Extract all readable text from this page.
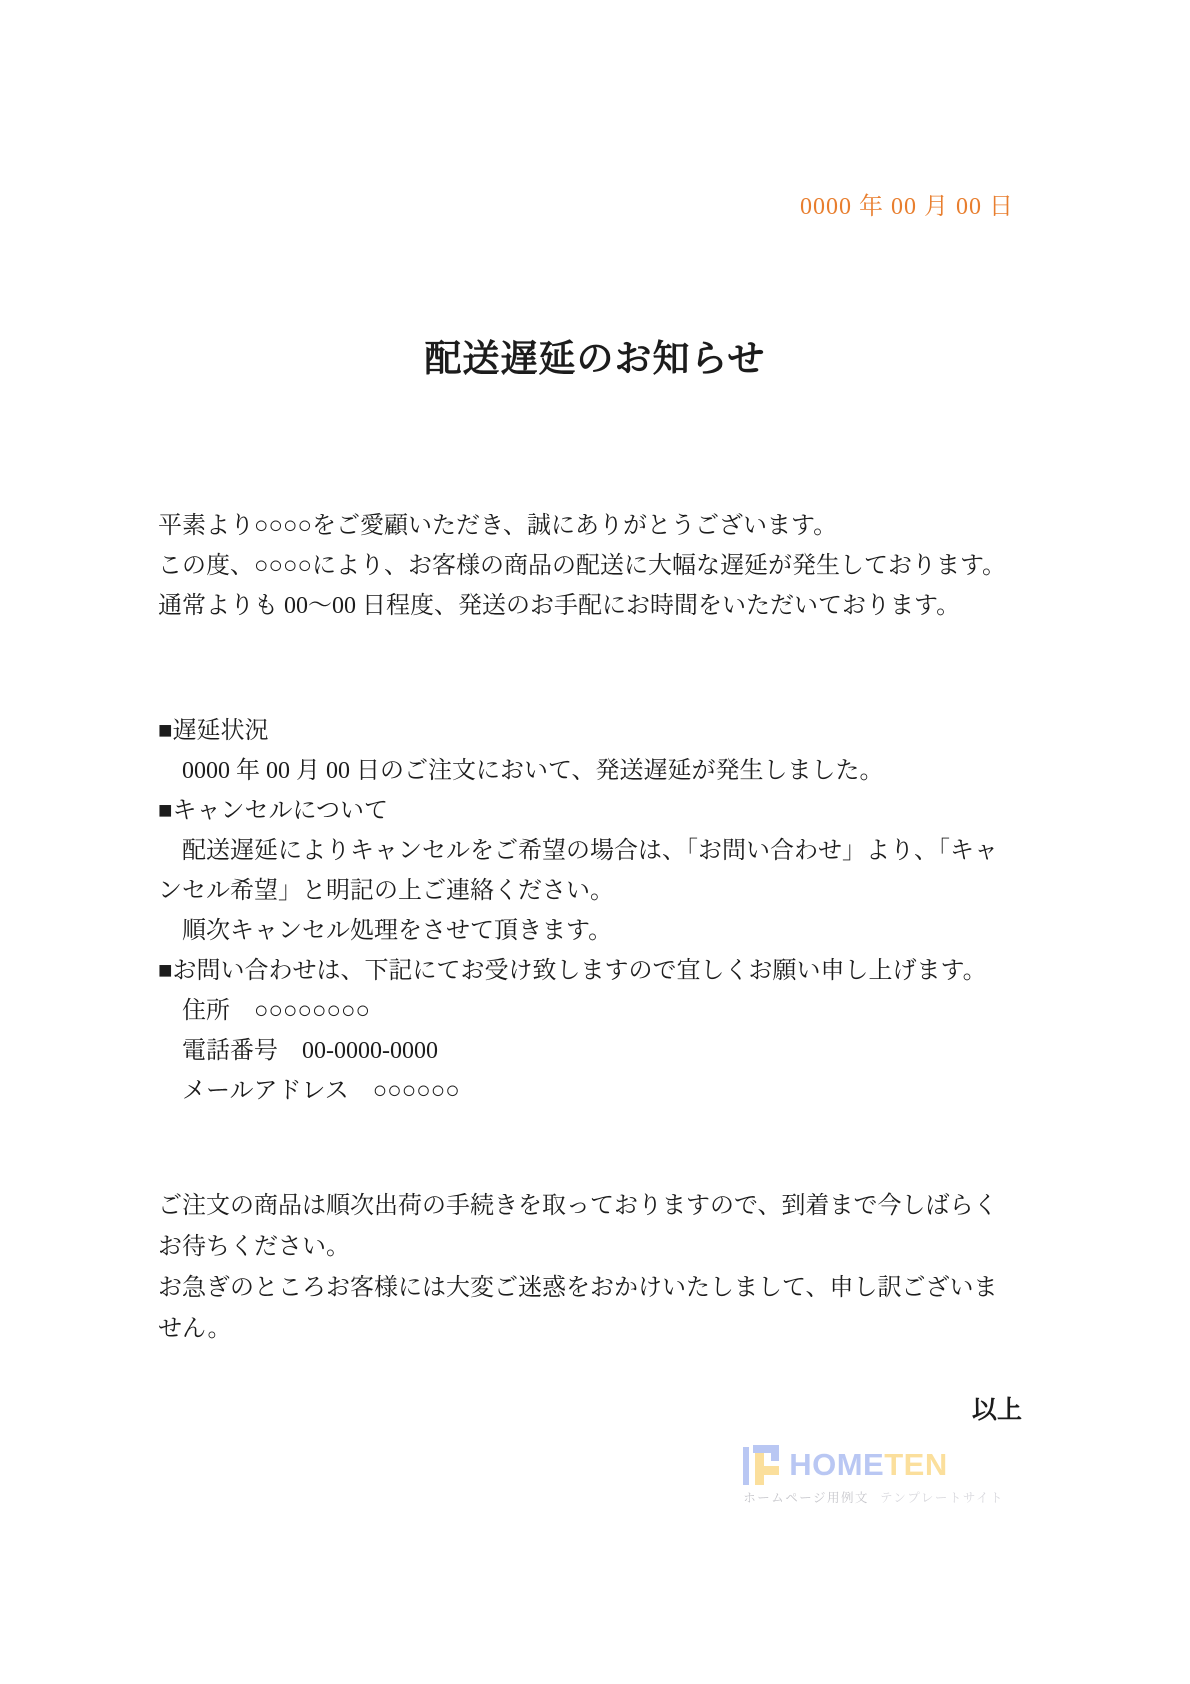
0000 年 00 月 00 日
配送遅延のお知らせ
平素より○○○○をご愛顧いただき、誠にありがとうございます。
この度、○○○○により、お客様の商品の配送に大幅な遅延が発生しております。
通常よりも 00～00 日程度、発送のお手配にお時間をいただいております。
■遅延状況
　0000 年 00 月 00 日のご注文において、発送遅延が発生しました。
■キャンセルについて
　配送遅延によりキャンセルをご希望の場合は、「お問い合わせ」より、「キャ
ンセル希望」と明記の上ご連絡ください。
　順次キャンセル処理をさせて頂きます。
■お問い合わせは、下記にてお受け致しますので宜しくお願い申し上げます。
　住所　○○○○○○○○
　電話番号　00-0000-0000
　メールアドレス　○○○○○○
ご注文の商品は順次出荷の手続きを取っておりますので、到着まで今しばらく
お待ちください。
お急ぎのところお客様には大変ご迷惑をおかけいたしまして、申し訳ございま
せん。
以上
HOMETEN
ホームページ用例文 テンプレートサイト
